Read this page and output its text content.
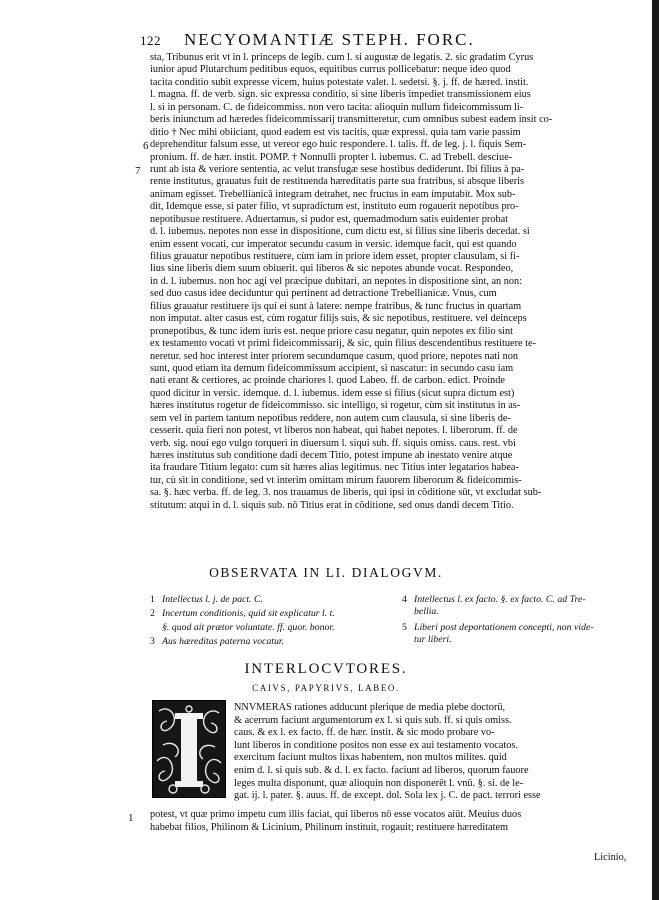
122 NECYOMANTIÆ STEPH. FORC.
sta, Tribunus erit vt in l. princeps de legib. cum l. si augustæ de legatis. 2. sic gradatim Cyrus
iunior apud Plutarchum peditibus equos, equitibus currus pollicebatur: neque ideo quod
tacita conditio subit expresse vicem, huius potestate valet. l. sedetsi. §. j. ff. de hæred. instit.
l. magna. ff. de verb. sign. sic expressa conditio, si sine liberis impediet transmissionem eius
l. si in personam. C. de fideicommiss. non vero tacita: alioquin nullum fideicommissum li-
beris iniunctum ad hæredes fideicommissarij transmitteretur, cum omnibus subest eadem insit co-
ditio † Nec mihi obiiciant, quod eadem est vis tacitis, quæ expressi. quia tam varie passim
deprehenditur falsum esse, ut vereor ego huic respondere. l. talis. ff. de leg. j. l. fiquis Sem-
pronium. ff. de hær. instit. POMP. † Nonnulli propter l. iubemus. C. ad Trebell. desciue-
runt ab ista & veriore sententia, ac velut transfugæ sese hostibus dediderunt. Ibi filius à pa-
rente institutus, grauatus fuit de restituenda hæreditatis parte sua fratribus, si absque liberis
animam egisset. Trebellianicâ integram detrahet, nec fructus in eam imputabit. Mox sub-
dit, Idemque esse, si pater filio, vt supradictum est, instituto eum rogauerit nepotibus pro-
nepotibusue restituere. Aduertamus, si pudor est, quemadmodum satis euidenter probat
d. l. iubemus. nepotes non esse in dispositione, cum dictu est, si filius sine liberis decedat. si
enim essent vocati, cur imperator secundu casum in versic. idemque facit, qui est quando
filius grauatur nepotibus restituere, cùm iam in priore idem esset, propter clausulam, si fi-
lius sine liberis diem suum obiuerit. qui liberos & sic nepotes abunde vocat. Respondeo,
in d. l. iubemus. non hoc agi vel præcipue dubitari, an nepotes in dispositione sint, an non:
sed duo casus idee deciduntur qui pertinent ad detractione Trebellianicæ. Vnus, cum
filius grauatur restituere ijs qui ei sunt à latere: nempe fratribus, & tunc fructus in quartam
non imputat. alter casus est, cùm rogatur filijs suis, & sic nepotibus, restituere. vel deinceps
pronepotibus, & tunc idem iuris est. neque priore casu negatur, quin nepotes ex filio sint
ex testamento vocati vt primi fideicommissarij, & sic, quin filius descendentibus restituere te-
neretur. sed hoc interest inter priorem secundumque casum, quod priore, nepotes nati non
sunt, quod etiam ita demum fideicommissum accipient, si nascatur: in secundo casu iam
nati erant & certiores, ac proinde chariores l. quod Labeo. ff. de carbon. edict. Proinde
quod dicitur in versic. idemque. d. l. iubemus. idem esse si filius (sicut supra dictum est)
hæres institutus rogetur de fideicommisso. sic intelligo, si rogetur, cùm sit institutus in as-
sem vel in partem tantum nepotibus reddere, non autem cum clausula, si sine liberis de-
cesserit. quia fieri non potest, vt liberos non habeat, qui habet nepotes. l. liberorum. ff. de
verb. sig. nouí ego vulgo torqueri in diuersum l. siqui sub. ff. siquis omiss. caus. rest. vbi
hæres institutus sub conditione dadi decem Titio, potest impune ab inestato venire atque
ita fraudare Titium legato: cum sit hæres alias legitimus. nec Titius inter legatarios habea-
tur, cù sit in conditione, sed vt interim omittam mirum fauorem liberorum & fideicommis-
sa. §. hæc verba. ff. de leg. 3. nos trauamus de liberis, qui ipsi in cõditione sūt, vt excludat sub-
stitutum: atqui in d. l. siquis sub. nõ Titius erat in cõditione, sed onus dandi decem Titio.
6
7
OBSERVATA IN LI. DIALOGVM.
1 Intellectus l. j. de pact. C.
2 Incertum conditionis, quid sit explicatur l. t.
§. quod ait prætor voluntate. ff. quor. bonor.
3 Aus hæreditas paterna vocatur.
4 Intellectus l. ex facto. §. ex facto. C. ad Tre-
bellia.
5 Liberi post deportationem concepti, non vide-
tur liberi.
INTERLOCVTORES.
CAIVS, PAPYRIVS, LABEO.
NNVMERAS rationes adducunt plerique de media plebe doctorū,
& acerrum faciunt argumentorum ex l. si quis sub. ff. si quis omiss.
caus. & ex l. ex facto. ff. de hær. instit. & sic modo probare vo-
lunt liberos in conditione positos non esse ex aui testamento vocatos.
exercitum faciunt multos lixas habentem, non multos milites. quid
enim d. l. si quis sub. & d. l. ex facto. faciunt ad liberos, quorum fauore
leges multa disponunt, quæ alioquin non disponerēt l. vnū. §. si. de le-
gat. ij. l. pater. §. auus. ff. de except. dol. Sola lex j. C. de pact. terrori esse
1 potest, vt quæ primo impetu cum illis faciat, qui liberos nō esse vocatos aiūt. Meuius duos
habebat filios, Philinom & Licinium, Philinum instituit, rogauit; restituere hæreditatem
Licinio,
